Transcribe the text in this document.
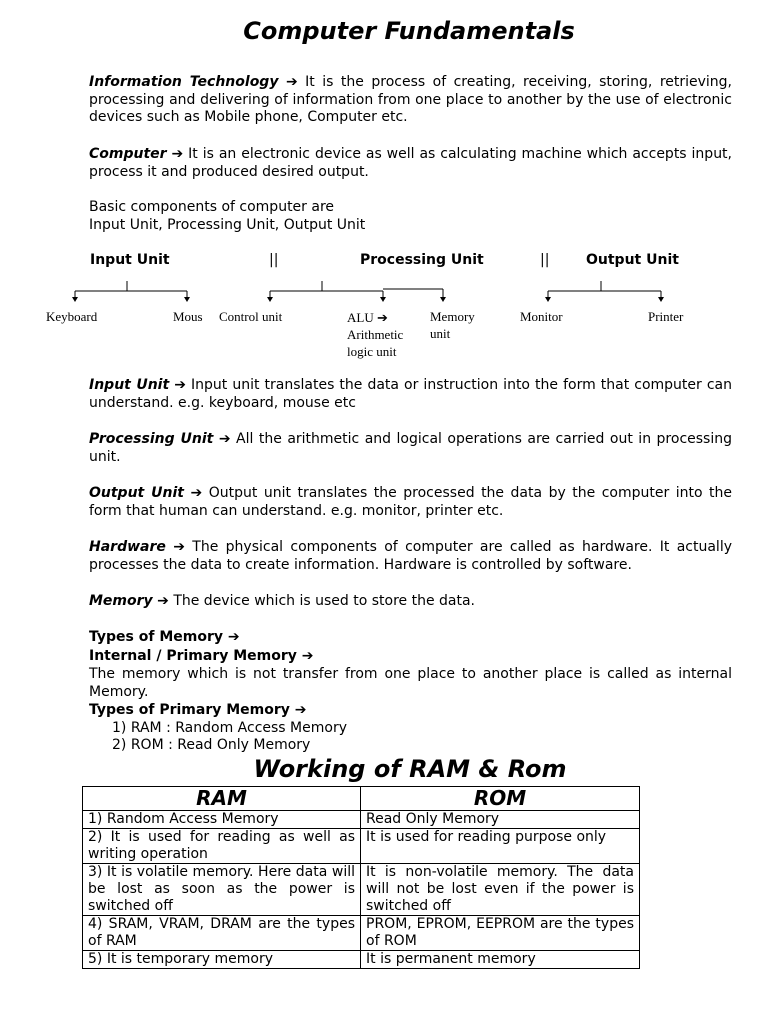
Computer Fundamentals
Information Technology ➔ It is the process of creating, receiving, storing, retrieving, processing and delivering of information from one place to another by the use of electronic devices such as Mobile phone, Computer etc.
Computer ➔ It is an electronic device as well as calculating machine which accepts input, process it and produced desired output.
Basic components of computer are
Input Unit, Processing Unit, Output Unit
Input Unit	||	Processing Unit	||	Output Unit
Keyboard	Mous Control unit	ALU ➔
Arithmetic
logic unit
Memory
unit
Monitor	Printer
Input Unit ➔ Input unit translates the data or instruction into the form that computer can understand. e.g. keyboard, mouse etc
Processing Unit ➔ All the arithmetic and logical operations are carried out in processing unit.
Output Unit ➔ Output unit translates the processed the data by the computer into the form that human can understand. e.g. monitor, printer etc.
Hardware ➔ The physical components of computer are called as hardware. It actually processes the data to create information. Hardware is controlled by software.
Memory ➔ The device which is used to store the data.
Types of Memory ➔
Internal / Primary Memory ➔
The memory which is not transfer from one place to another place is called as internal Memory.
Types of Primary Memory ➔
1) RAM : Random Access Memory
2) ROM : Read Only Memory
Working of RAM & Rom
RAM	ROM
1) Random Access Memory	Read Only Memory
2) It is used for reading as well as writing operation	It is used for reading purpose only
3) It is volatile memory. Here data will be lost as soon as the power is switched off	It is non-volatile memory. The data will not be lost even if the power is switched off
4) SRAM, VRAM, DRAM are the types of RAM	PROM, EPROM, EEPROM are the types of ROM
5) It is temporary memory	It is permanent memory
